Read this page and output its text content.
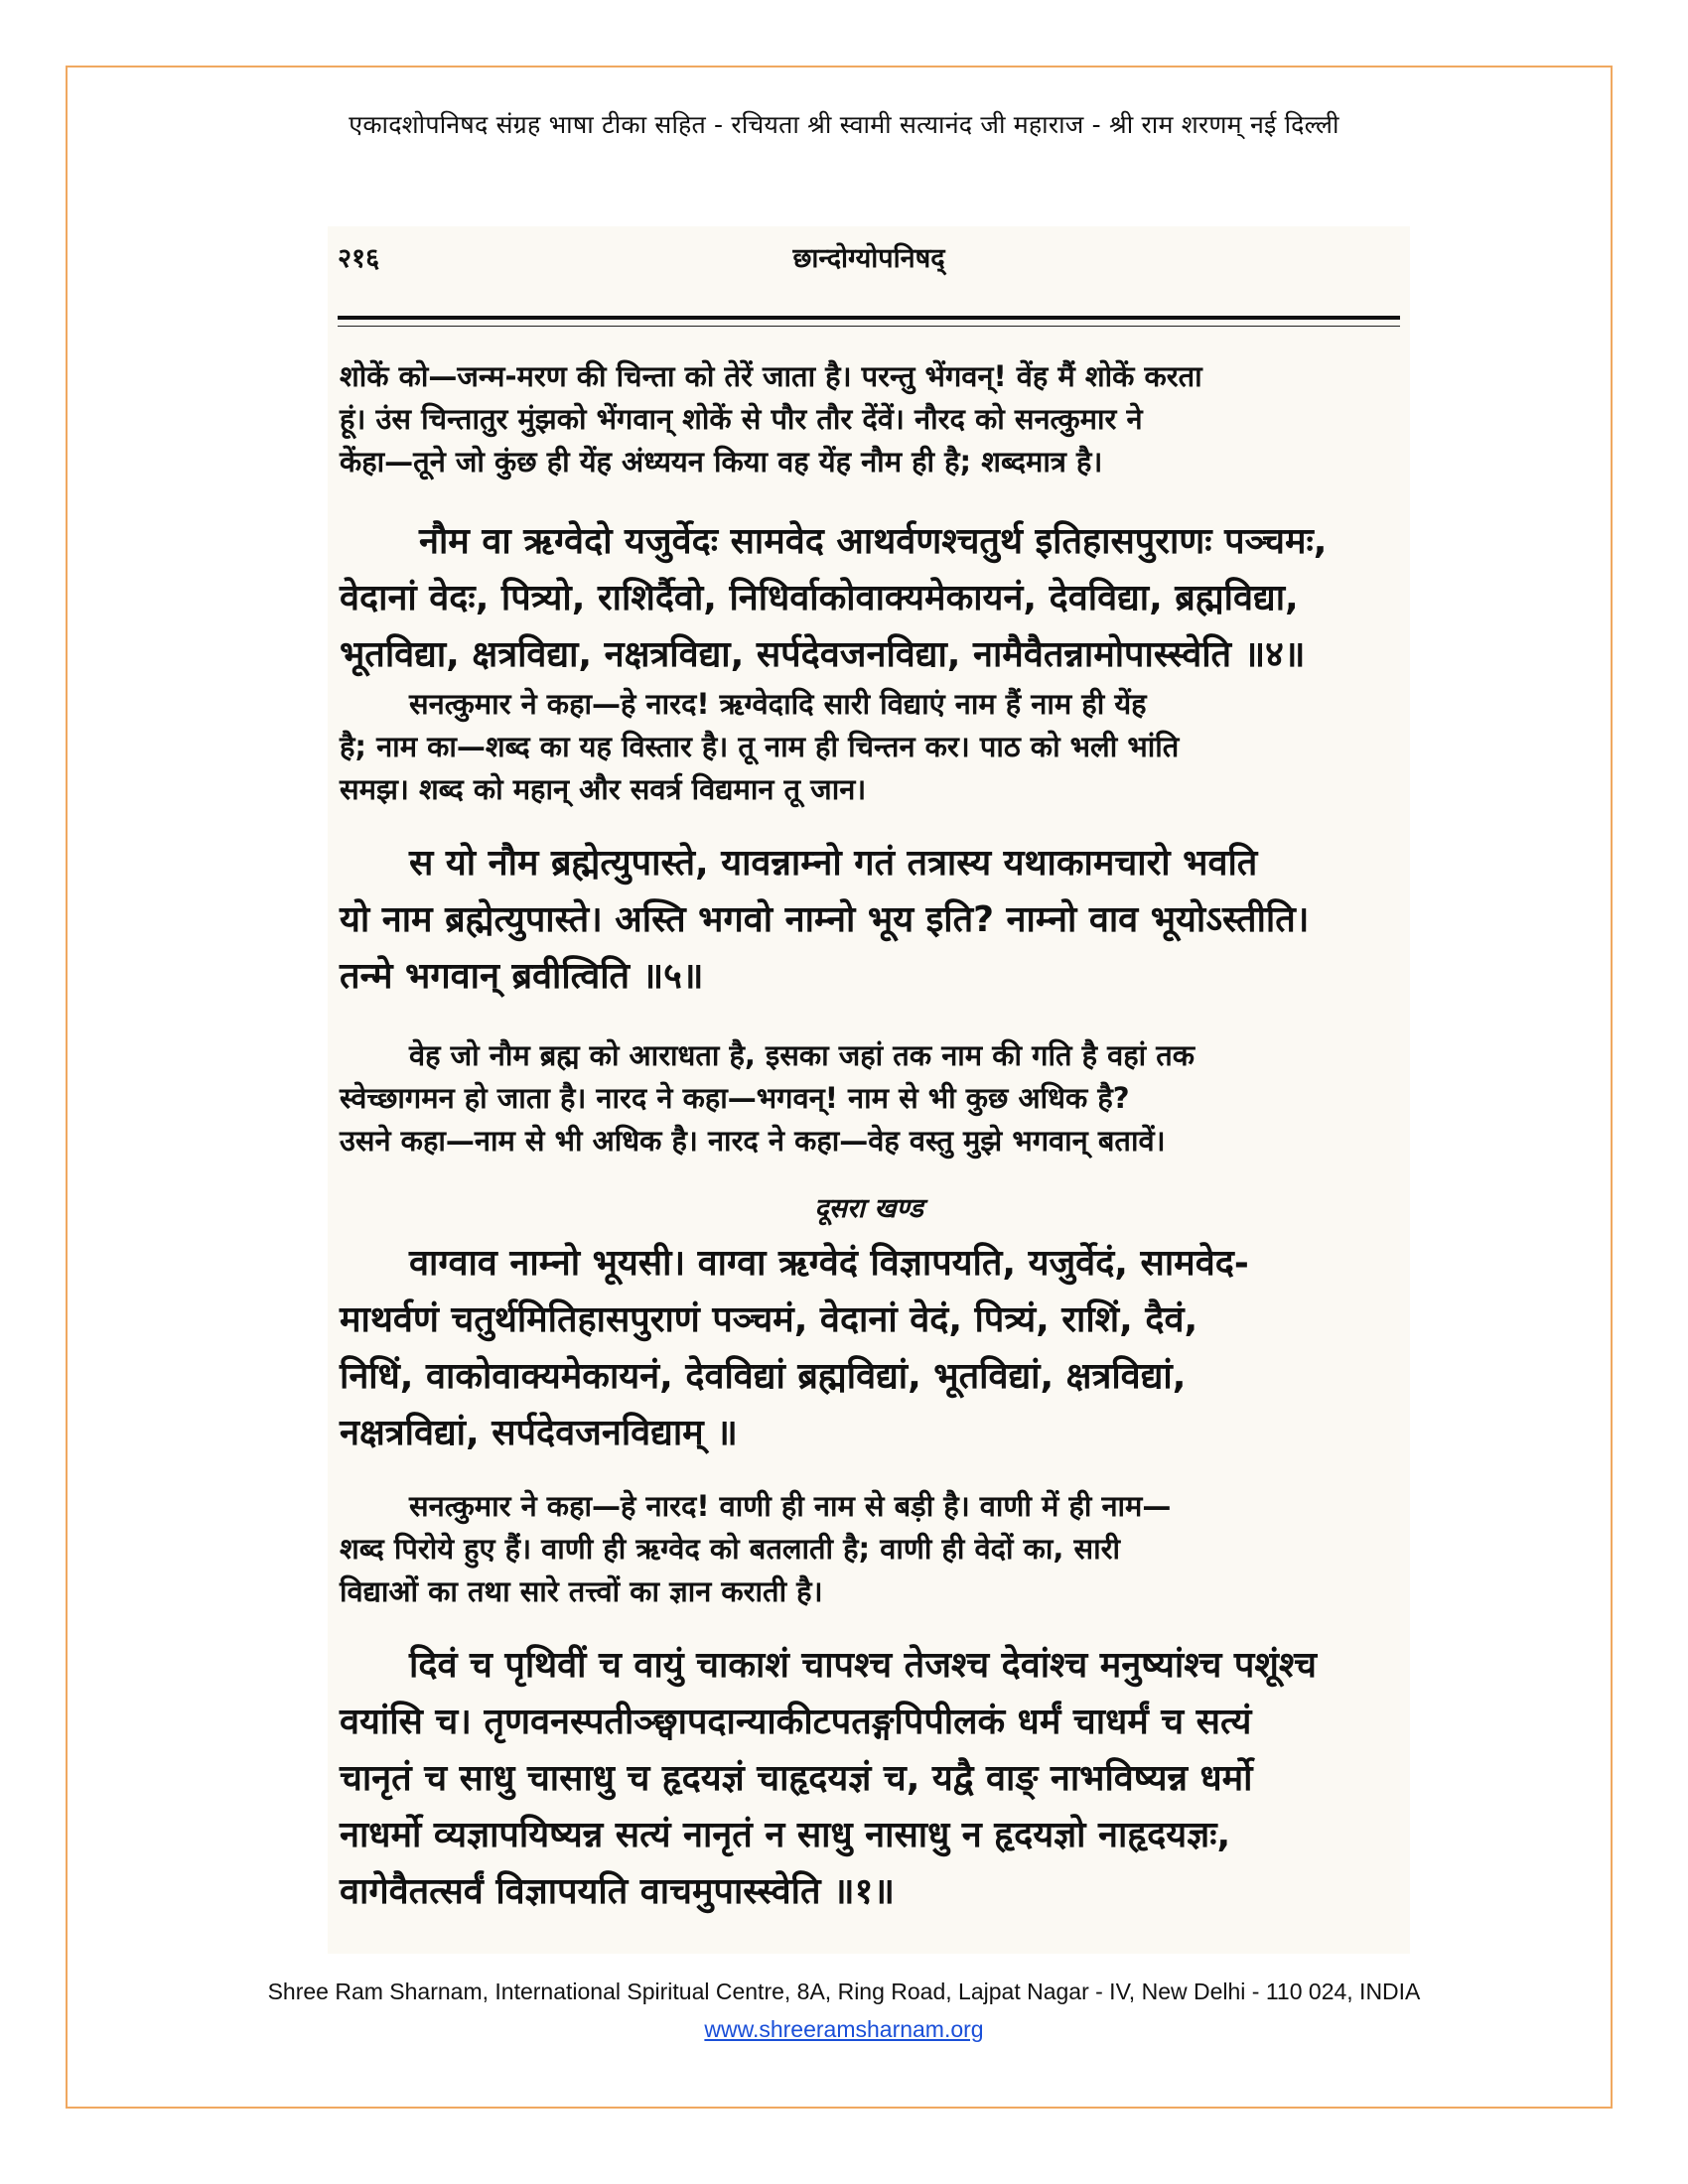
एकादशोपनिषद संग्रह भाषा टीका सहित - रचियता श्री स्वामी सत्यानंद जी महाराज - श्री राम शरणम् नई दिल्ली
२१६	छान्दोग्योपनिषद्
शोकें को—जन्म-मरण की चिन्ता को तेरें जाता है। परन्तु भेंगवन्! वेंह मैं शोकें करता
हूं। उंस चिन्तातुर मुंझको भेंगवान् शोकें से पौर तौर देंवें। नौरद को सनत्कुमार ने
केंहा—तूने जो कुंछ ही येंह अंध्ययन किया वह येंह नौम ही है; शब्दमात्र है।
नौम वा ऋग्वेदो यजुर्वेदः सामवेद आथर्वणश्चतुर्थ इतिहासपुराणः पञ्चमः,
वेदानां वेदः, पित्र्यो, राशिर्दैवो, निधिर्वाकोवाक्यमेकायनं, देवविद्या, ब्रह्मविद्या,
भूतविद्या, क्षत्रविद्या, नक्षत्रविद्या, सर्पदेवजनविद्या, नामैवैतन्नामोपास्स्वेति ॥४॥
सनत्कुमार ने कहा—हे नारद! ऋग्वेदादि सारी विद्याएं नाम हैं नाम ही येंह
है; नाम का—शब्द का यह विस्तार है। तू नाम ही चिन्तन कर। पाठ को भली भांति
समझ। शब्द को महान् और सवर्त्र विद्यमान तू जान।
स यो नौम ब्रह्मेत्युपास्ते, यावन्नाम्नो गतं तत्रास्य यथाकामचारो भवति
यो नाम ब्रह्मेत्युपास्ते। अस्ति भगवो नाम्नो भूय इति? नाम्नो वाव भूयोऽस्तीति।
तन्मे भगवान् ब्रवीत्विति ॥५॥
वेह जो नौम ब्रह्म को आराधता है, इसका जहां तक नाम की गति है वहां तक
स्वेच्छागमन हो जाता है। नारद ने कहा—भगवन्! नाम से भी कुछ अधिक है?
उसने कहा—नाम से भी अधिक है। नारद ने कहा—वेह वस्तु मुझे भगवान् बतावें।
दूसरा खण्ड
वाग्वाव नाम्नो भूयसी। वाग्वा ऋग्वेदं विज्ञापयति, यजुर्वेदं, सामवेद-
माथर्वणं चतुर्थमितिहासपुराणं पञ्चमं, वेदानां वेदं, पित्र्यं, राशिं, दैवं,
निधिं, वाकोवाक्यमेकायनं, देवविद्यां ब्रह्मविद्यां, भूतविद्यां, क्षत्रविद्यां,
नक्षत्रविद्यां, सर्पदेवजनविद्याम् ॥
सनत्कुमार ने कहा—हे नारद! वाणी ही नाम से बड़ी है। वाणी में ही नाम—
शब्द पिरोये हुए हैं। वाणी ही ऋग्वेद को बतलाती है; वाणी ही वेदों का, सारी
विद्याओं का तथा सारे तत्त्वों का ज्ञान कराती है।
दिवं च पृथिवीं च वायुं चाकाशं चापश्च तेजश्च देवांश्च मनुष्यांश्च पशूंश्च
वयांसि च। तृणवनस्पतीञ्छ्वापदान्याकीटपतङ्गपिपीलकं धर्मं चाधर्मं च सत्यं
चानृतं च साधु चासाधु च हृदयज्ञं चाहृदयज्ञं च, यद्वै वाङ् नाभविष्यन्न धर्मो
नाधर्मो व्यज्ञापयिष्यन्न सत्यं नानृतं न साधु नासाधु न हृदयज्ञो नाहृदयज्ञः,
वागेवैतत्सर्वं विज्ञापयति वाचमुपास्स्वेति ॥१॥
Shree Ram Sharnam, International Spiritual Centre, 8A, Ring Road, Lajpat Nagar - IV, New Delhi - 110 024, INDIA
www.shreeramsharnam.org
